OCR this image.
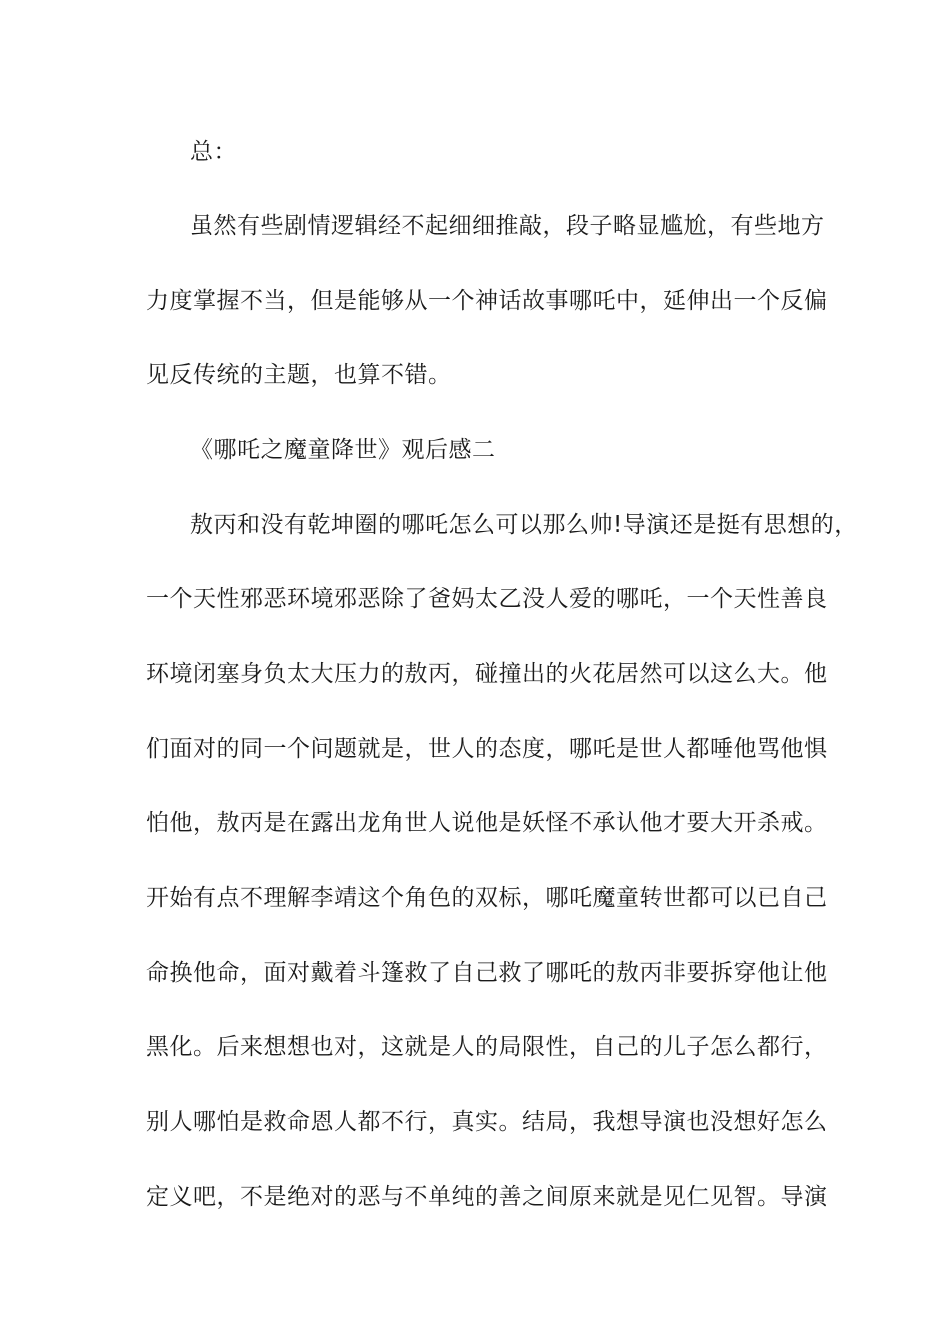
总：
虽然有些剧情逻辑经不起细细推敲，段子略显尴尬，有些地方
力度掌握不当，但是能够从一个神话故事哪吒中，延伸出一个反偏
见反传统的主题，也算不错。
《哪吒之魔童降世》观后感二
敖丙和没有乾坤圈的哪吒怎么可以那么帅!导演还是挺有思想的，
一个天性邪恶环境邪恶除了爸妈太乙没人爱的哪吒，一个天性善良
环境闭塞身负太大压力的敖丙，碰撞出的火花居然可以这么大。他
们面对的同一个问题就是，世人的态度，哪吒是世人都唾他骂他惧
怕他，敖丙是在露出龙角世人说他是妖怪不承认他才要大开杀戒。
开始有点不理解李靖这个角色的双标，哪吒魔童转世都可以已自己
命换他命，面对戴着斗篷救了自己救了哪吒的敖丙非要拆穿他让他
黑化。后来想想也对，这就是人的局限性，自己的儿子怎么都行，
别人哪怕是救命恩人都不行，真实。结局，我想导演也没想好怎么
定义吧，不是绝对的恶与不单纯的善之间原来就是见仁见智。导演
